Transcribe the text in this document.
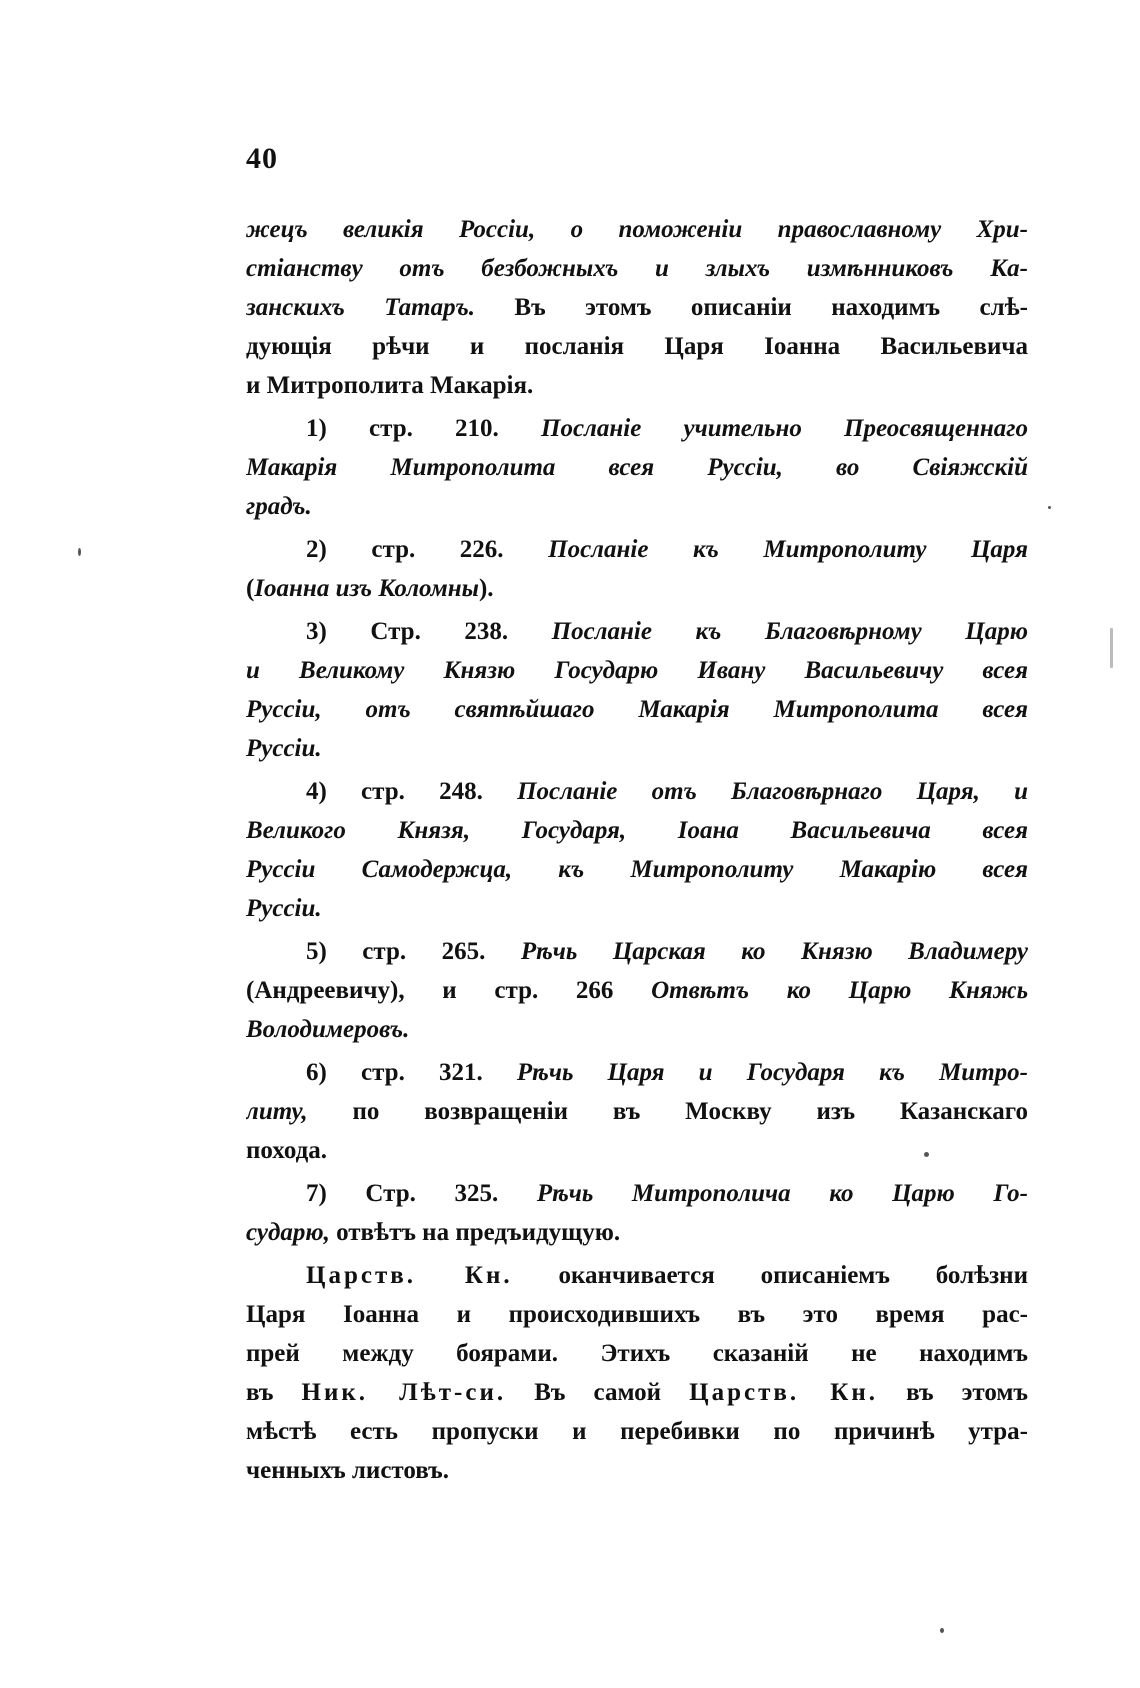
40
жецъ великія Россіи, о поможеніи православному Хри-
стіанству отъ безбожныхъ и злыхъ измѣнниковъ Ка-
занскихъ Татаръ. Въ этомъ описаніи находимъ слѣ-
дующія рѣчи и посланія Царя Іоанна Васильевича
и Митрополита Макарія.
1) стр. 210. Посланіе учительно Преосвященнаго
Макарія Митрополита всея Руссіи, во Свіяжскій
градъ.
2) стр. 226. Посланіе къ Митрополиту Царя
(Іоанна изъ Коломны).
3) Стр. 238. Посланіе къ Благовѣрному Царю
и Великому Князю Государю Ивану Васильевичу всея
Руссіи, отъ святѣйшаго Макарія Митрополита всея
Руссіи.
4) стр. 248. Посланіе отъ Благовѣрнаго Царя, и
Великого Князя, Государя, Іоана Васильевича всея
Руссіи Самодержца, къ Митрополиту Макарію всея
Руссіи.
5) стр. 265. Рѣчь Царская ко Князю Владимеру
(Андреевичу), и стр. 266 Отвѣтъ ко Царю Княжь
Володимеровъ.
6) стр. 321. Рѣчь Царя и Государя къ Митро-
литу, по возвращеніи въ Москву изъ Казанскаго
похода.
7) Стр. 325. Рѣчь Митрополича ко Царю Го-
сударю, отвѣтъ на предъидущую.
Царств. Кн. оканчивается описаніемъ болѣзни
Царя Іоанна и происходившихъ въ это время рас-
прей между боярами. Этихъ сказаній не находимъ
въ Ник. Лѣт-си. Въ самой Царств. Кн. въ этомъ
мѣстѣ есть пропуски и перебивки по причинѣ утра-
ченныхъ листовъ.
